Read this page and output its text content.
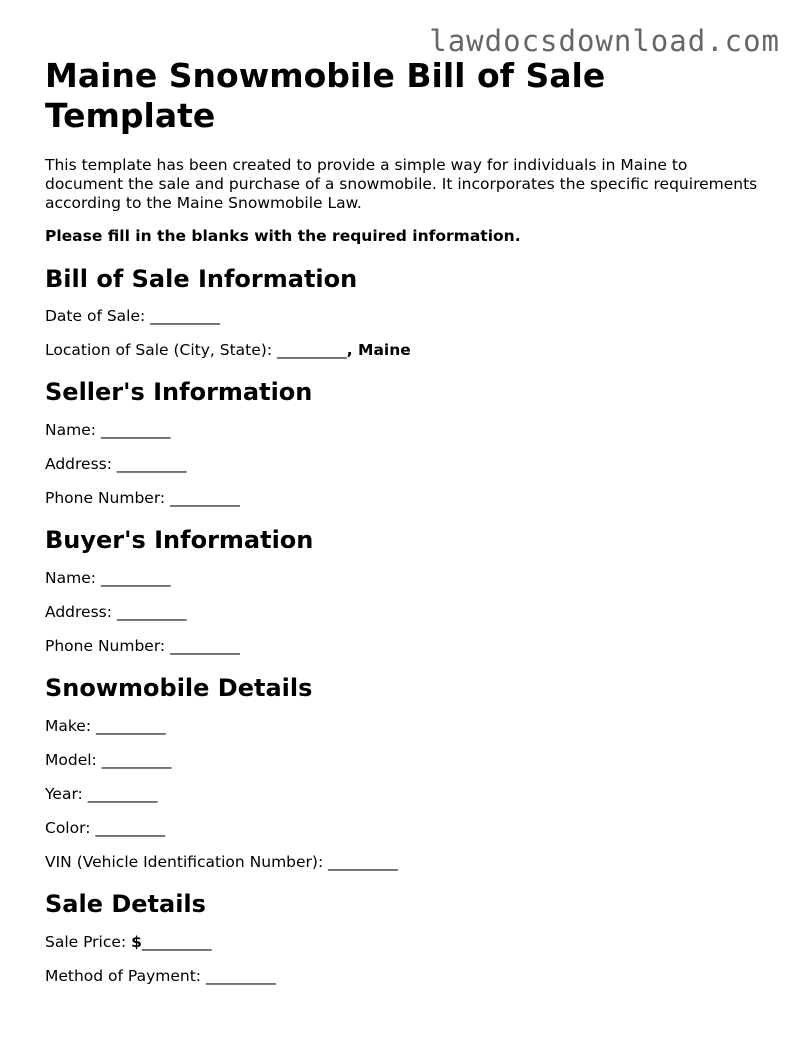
lawdocsdownload.com
Maine Snowmobile Bill of Sale Template

This template has been created to provide a simple way for individuals in Maine to document the sale and purchase of a snowmobile. It incorporates the specific requirements according to the Maine Snowmobile Law.

Please fill in the blanks with the required information.

Bill of Sale Information

Date of Sale: _________

Location of Sale (City, State): _________, Maine

Seller's Information

Name: _________

Address: _________

Phone Number: _________

Buyer's Information

Name: _________

Address: _________

Phone Number: _________

Snowmobile Details

Make: _________

Model: _________

Year: _________

Color: _________

VIN (Vehicle Identification Number): _________

Sale Details

Sale Price: $_________

Method of Payment: _________
